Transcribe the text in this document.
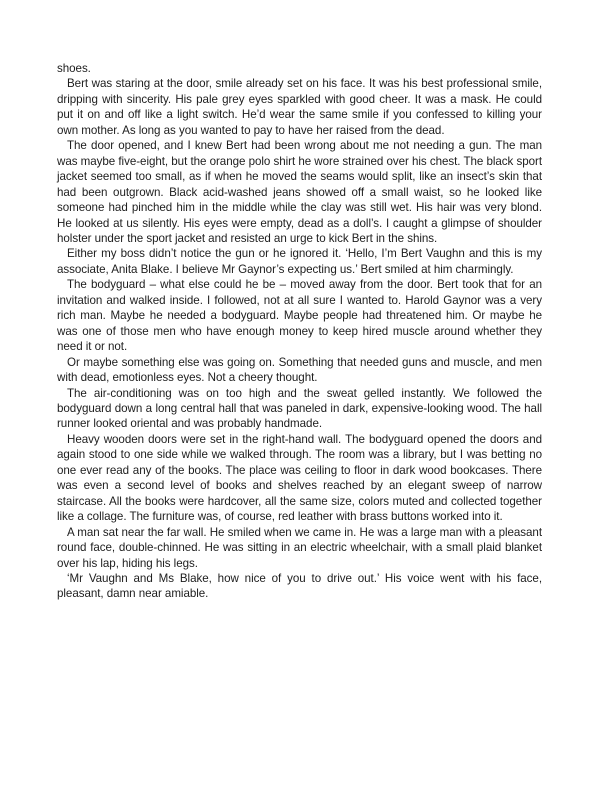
shoes.

Bert was staring at the door, smile already set on his face. It was his best professional smile, dripping with sincerity. His pale grey eyes sparkled with good cheer. It was a mask. He could put it on and off like a light switch. He’d wear the same smile if you confessed to killing your own mother. As long as you wanted to pay to have her raised from the dead.

The door opened, and I knew Bert had been wrong about me not needing a gun. The man was maybe five-eight, but the orange polo shirt he wore strained over his chest. The black sport jacket seemed too small, as if when he moved the seams would split, like an insect’s skin that had been outgrown. Black acid-washed jeans showed off a small waist, so he looked like someone had pinched him in the middle while the clay was still wet. His hair was very blond. He looked at us silently. His eyes were empty, dead as a doll’s. I caught a glimpse of shoulder holster under the sport jacket and resisted an urge to kick Bert in the shins.

Either my boss didn’t notice the gun or he ignored it. ‘Hello, I’m Bert Vaughn and this is my associate, Anita Blake. I believe Mr Gaynor’s expecting us.’ Bert smiled at him charmingly.

The bodyguard – what else could he be – moved away from the door. Bert took that for an invitation and walked inside. I followed, not at all sure I wanted to. Harold Gaynor was a very rich man. Maybe he needed a bodyguard. Maybe people had threatened him. Or maybe he was one of those men who have enough money to keep hired muscle around whether they need it or not.

Or maybe something else was going on. Something that needed guns and muscle, and men with dead, emotionless eyes. Not a cheery thought.

The air-conditioning was on too high and the sweat gelled instantly. We followed the bodyguard down a long central hall that was paneled in dark, expensive-looking wood. The hall runner looked oriental and was probably handmade.

Heavy wooden doors were set in the right-hand wall. The bodyguard opened the doors and again stood to one side while we walked through. The room was a library, but I was betting no one ever read any of the books. The place was ceiling to floor in dark wood bookcases. There was even a second level of books and shelves reached by an elegant sweep of narrow staircase. All the books were hardcover, all the same size, colors muted and collected together like a collage. The furniture was, of course, red leather with brass buttons worked into it.

A man sat near the far wall. He smiled when we came in. He was a large man with a pleasant round face, double-chinned. He was sitting in an electric wheelchair, with a small plaid blanket over his lap, hiding his legs.

‘Mr Vaughn and Ms Blake, how nice of you to drive out.’ His voice went with his face, pleasant, damn near amiable.
